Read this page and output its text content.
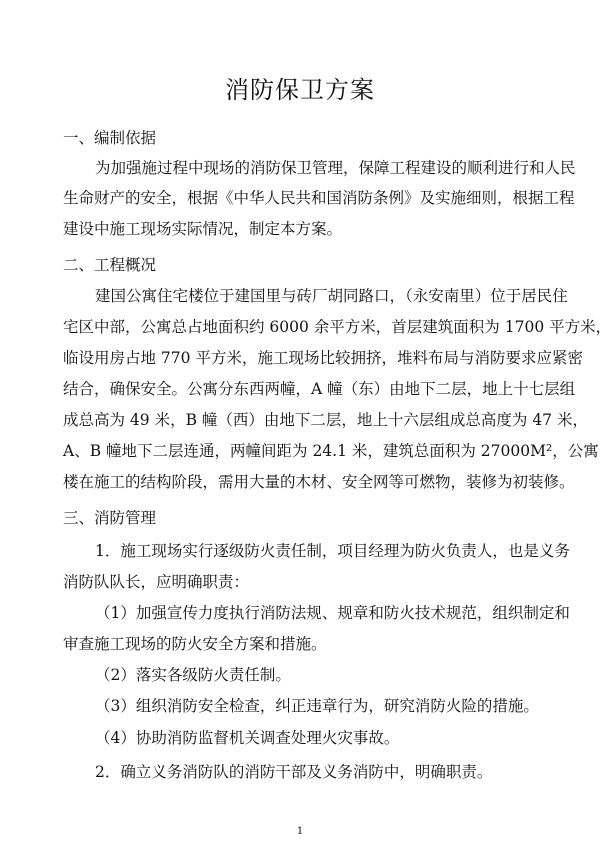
消防保卫方案
一、编制依据
为加强施过程中现场的消防保卫管理，保障工程建设的顺利进行和人民
生命财产的安全，根据《中华人民共和国消防条例》及实施细则，根据工程
建设中施工现场实际情况，制定本方案。
二、工程概况
建国公寓住宅楼位于建国里与砖厂胡同路口，（永安南里）位于居民住
宅区中部，公寓总占地面积约 6000 余平方米，首层建筑面积为 1700 平方米，
临设用房占地 770 平方米，施工现场比较拥挤，堆料布局与消防要求应紧密
结合，确保安全。公寓分东西两幢，A 幢（东）由地下二层，地上十七层组
成总高为 49 米，B 幢（西）由地下二层，地上十六层组成总高度为 47 米，
A、B 幢地下二层连通，两幢间距为 24.1 米，建筑总面积为 27000M²，公寓
楼在施工的结构阶段，需用大量的木材、安全网等可燃物，装修为初装修。
三、消防管理
1．施工现场实行逐级防火责任制，项目经理为防火负责人，也是义务
消防队队长，应明确职责：
（1）加强宣传力度执行消防法规、规章和防火技术规范，组织制定和
审查施工现场的防火安全方案和措施。
（2）落实各级防火责任制。
（3）组织消防安全检查，纠正违章行为，研究消防火险的措施。
（4）协助消防监督机关调查处理火灾事故。
2．确立义务消防队的消防干部及义务消防中，明确职责。
1
